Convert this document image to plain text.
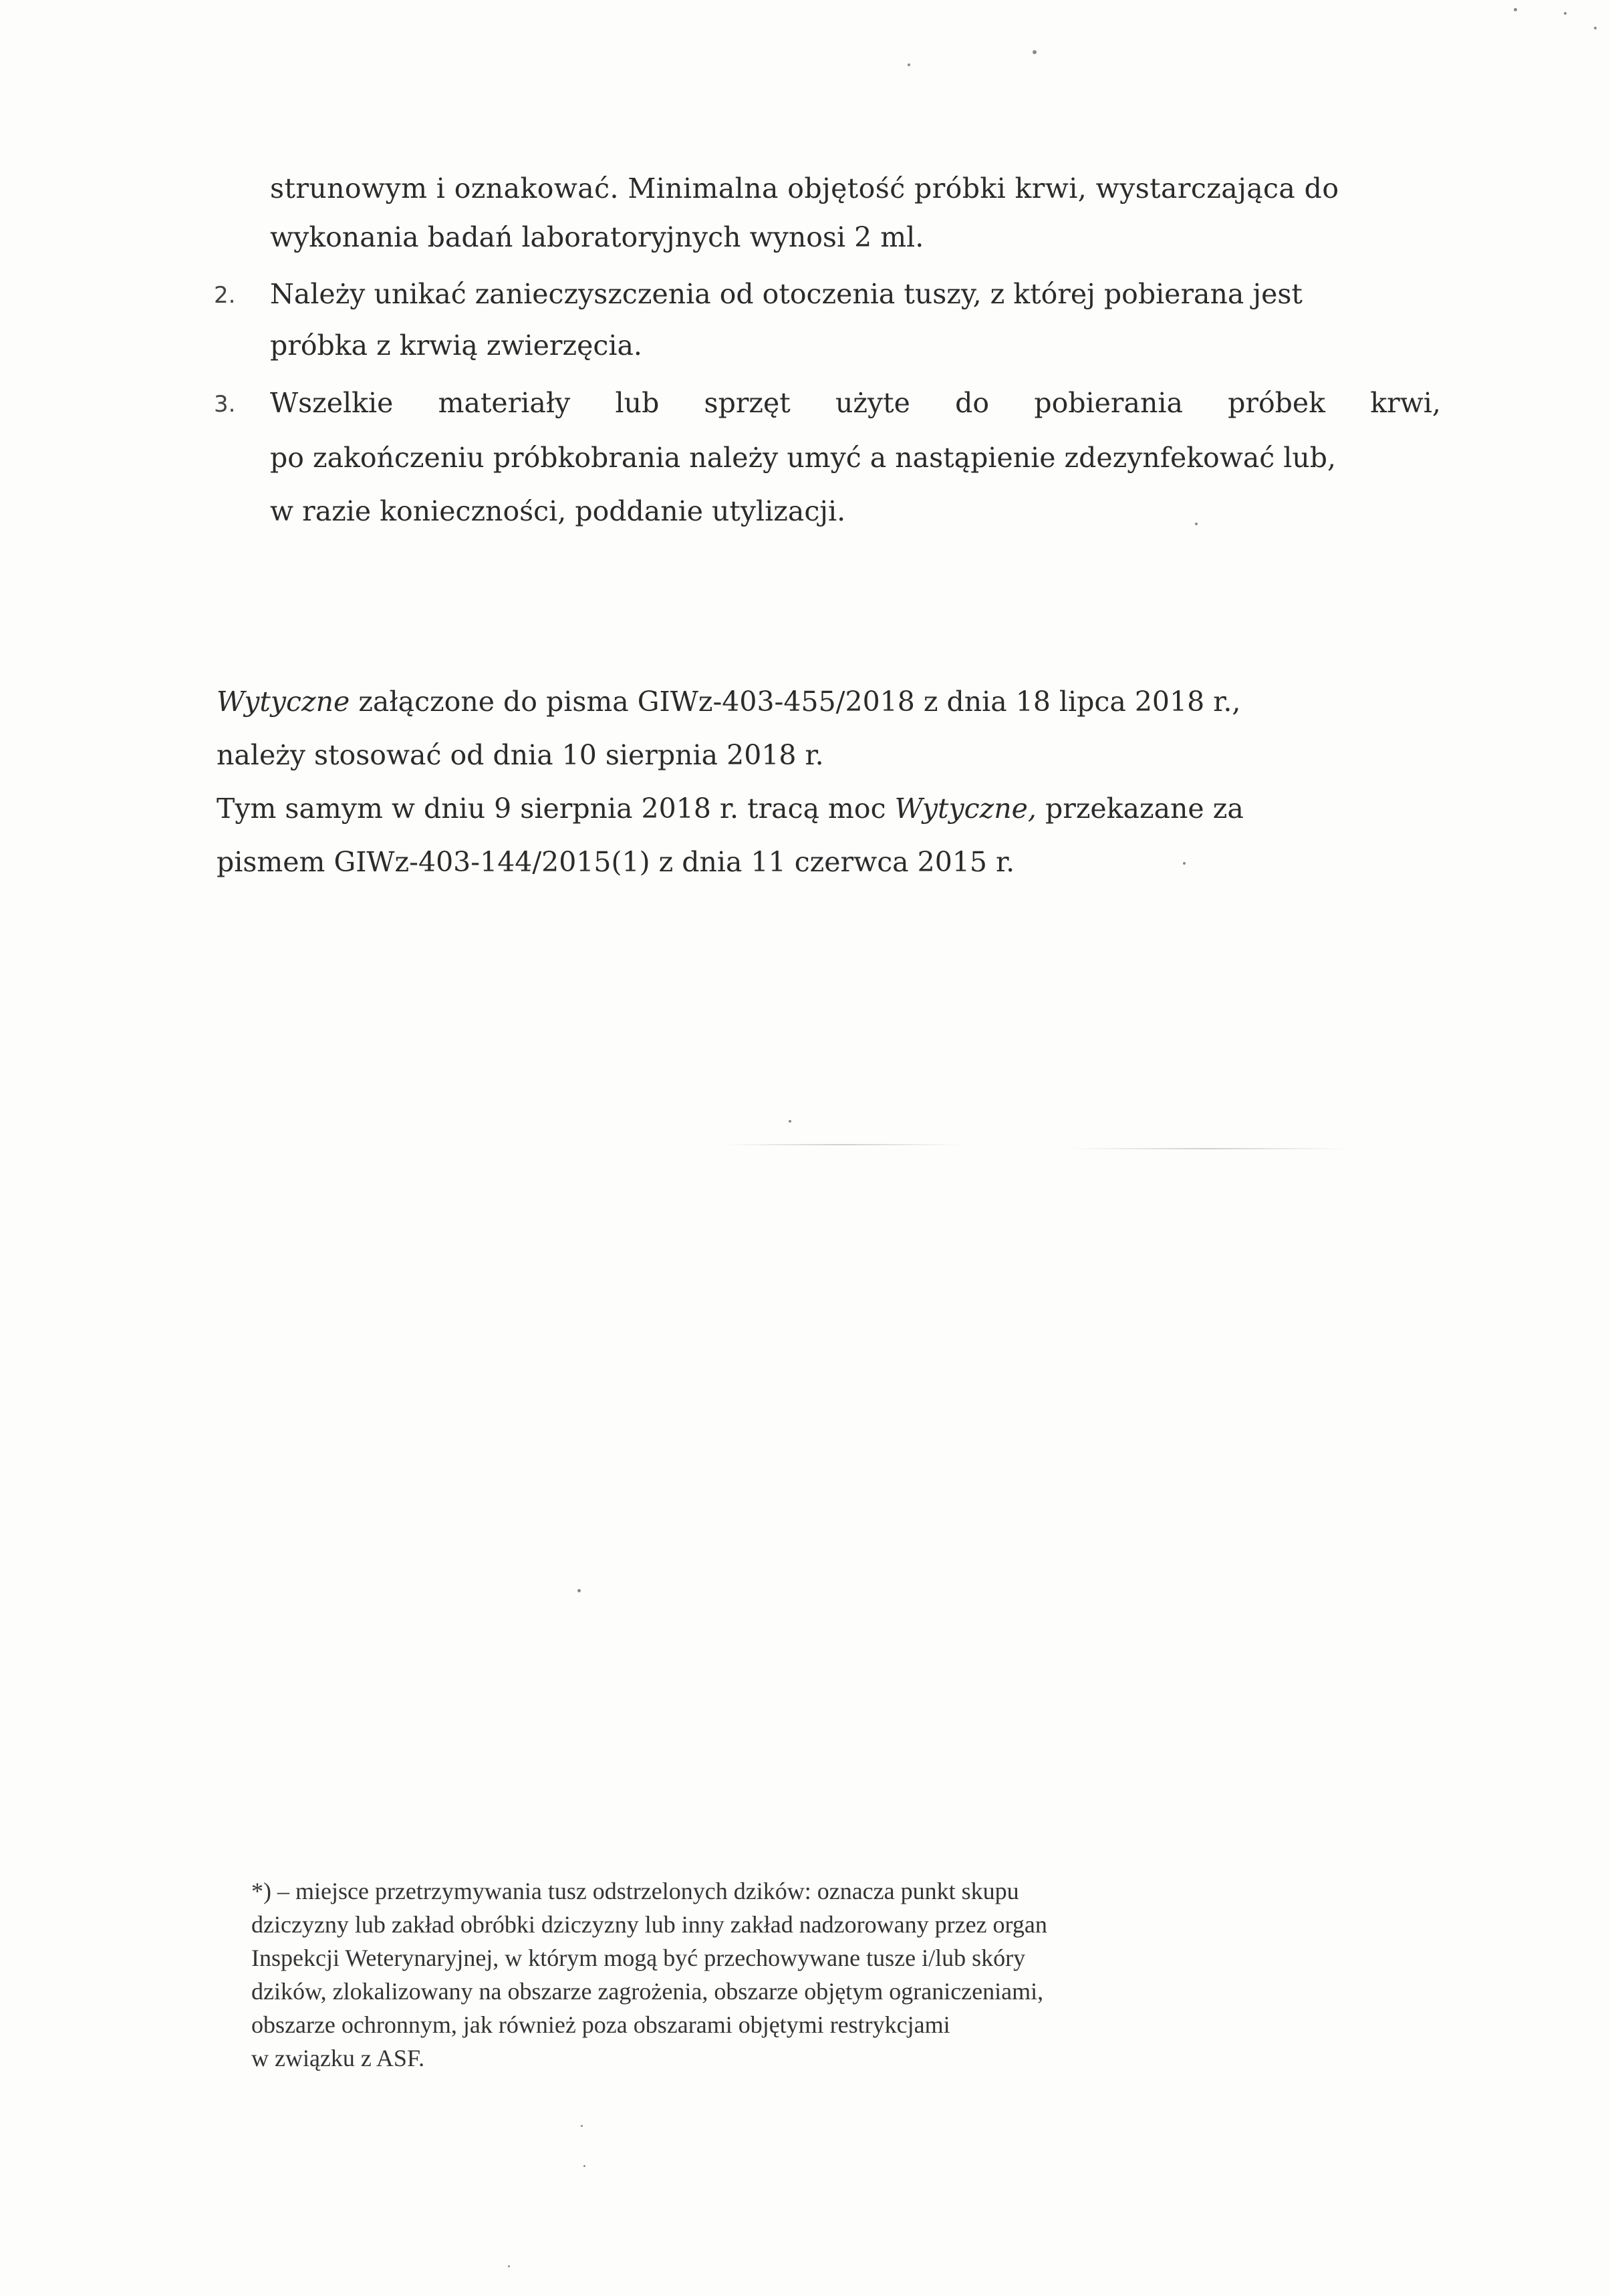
strunowym i oznakować. Minimalna objętość próbki krwi, wystarczająca do
wykonania badań laboratoryjnych wynosi 2 ml.
2. Należy unikać zanieczyszczenia od otoczenia tuszy, z której pobierana jest
próbka z krwią zwierzęcia.
3. Wszelkie materiały lub sprzęt użyte do pobierania próbek krwi,
po zakończeniu próbkobrania należy umyć a nastąpienie zdezynfekować lub,
w razie konieczności, poddanie utylizacji.
Wytyczne załączone do pisma GIWz-403-455/2018 z dnia 18 lipca 2018 r.,
należy stosować od dnia 10 sierpnia 2018 r.
Tym samym w dniu 9 sierpnia 2018 r. tracą moc Wytyczne, przekazane za
pismem GIWz-403-144/2015(1) z dnia 11 czerwca 2015 r.
*) – miejsce przetrzymywania tusz odstrzelonych dzików: oznacza punkt skupu
dziczyzny lub zakład obróbki dziczyzny lub inny zakład nadzorowany przez organ
Inspekcji Weterynaryjnej, w którym mogą być przechowywane tusze i/lub skóry
dzików, zlokalizowany na obszarze zagrożenia, obszarze objętym ograniczeniami,
obszarze ochronnym, jak również poza obszarami objętymi restrykcjami
w związku z ASF.
